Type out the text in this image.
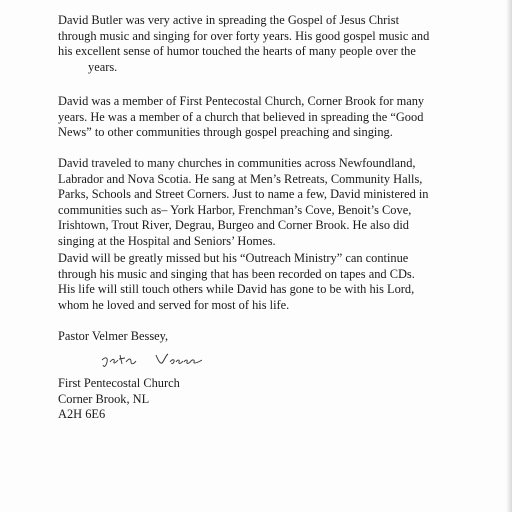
David Butler was very active in spreading the Gospel of Jesus Christ
through music and singing for over forty years. His good gospel music and
his excellent sense of humor touched the hearts of many people over the
years.
David was a member of First Pentecostal Church, Corner Brook for many
years. He was a member of a church that believed in spreading the “Good
News” to other communities through gospel preaching and singing.
David traveled to many churches in communities across Newfoundland,
Labrador and Nova Scotia. He sang at Men’s Retreats, Community Halls,
Parks, Schools and Street Corners. Just to name a few, David ministered in
communities such as– York Harbor, Frenchman’s Cove, Benoit’s Cove,
Irishtown, Trout River, Degrau, Burgeo and Corner Brook. He also did
singing at the Hospital and Seniors’ Homes.
David will be greatly missed but his “Outreach Ministry” can continue
through his music and singing that has been recorded on tapes and CDs.
His life will still touch others while David has gone to be with his Lord,
whom he loved and served for most of his life.
Pastor Velmer Bessey,
First Pentecostal Church
Corner Brook, NL
A2H 6E6
